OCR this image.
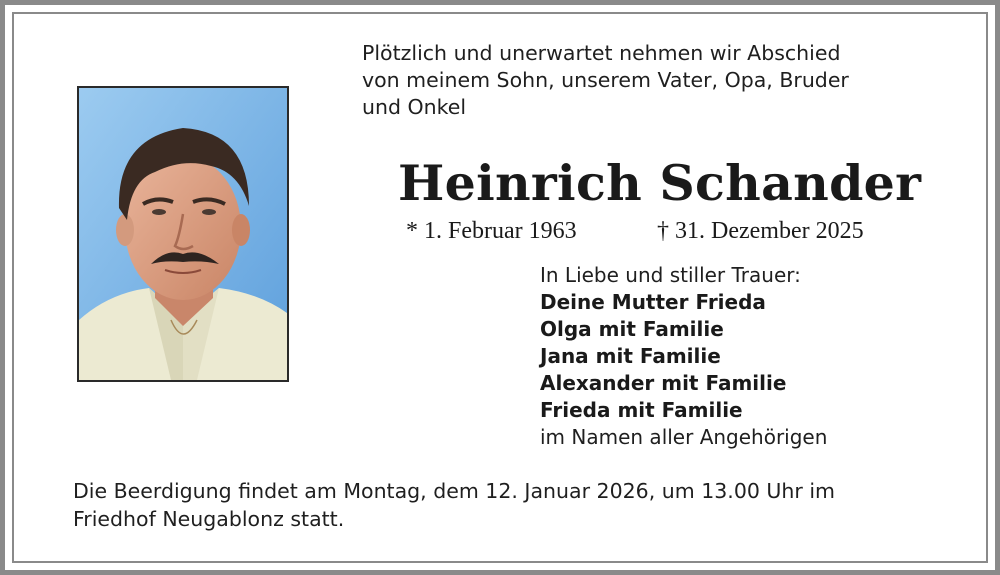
Plötzlich und unerwartet nehmen wir Abschied
von meinem Sohn, unserem Vater, Opa, Bruder
und Onkel
Heinrich Schander
* 1. Februar 1963	† 31. Dezember 2025
In Liebe und stiller Trauer:
Deine Mutter Frieda
Olga mit Familie
Jana mit Familie
Alexander mit Familie
Frieda mit Familie
im Namen aller Angehörigen
Die Beerdigung findet am Montag, dem 12. Januar 2026, um 13.00 Uhr im
Friedhof Neugablonz statt.
